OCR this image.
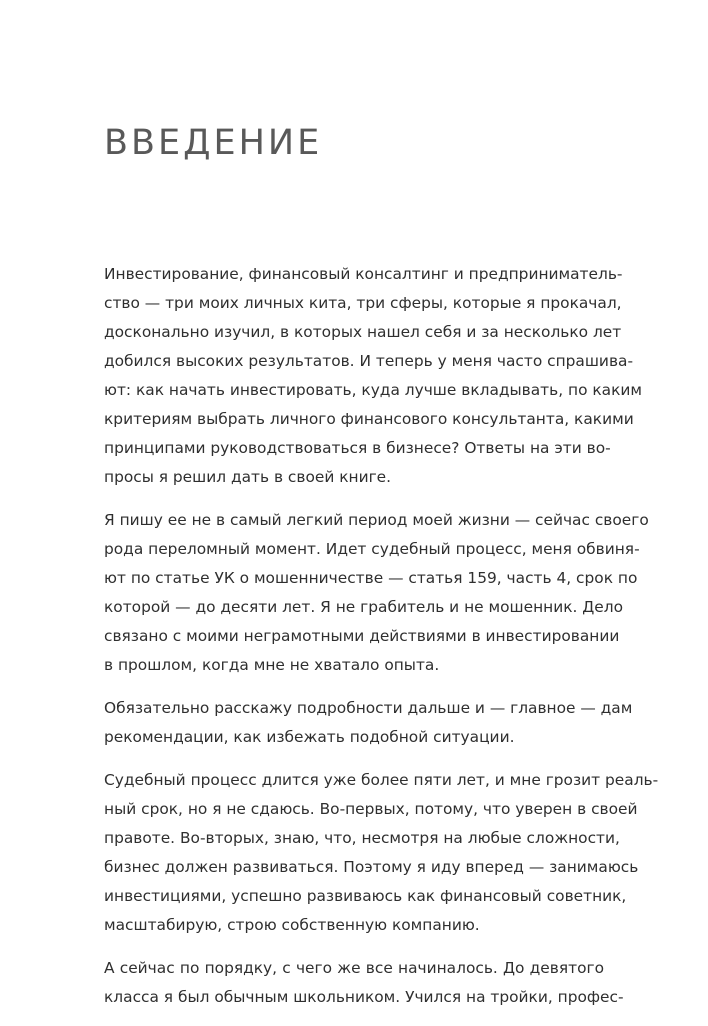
ВВЕДЕНИЕ

Инвестирование, финансовый консалтинг и предприниматель-
ство — три моих личных кита, три сферы, которые я прокачал,
досконально изучил, в которых нашел себя и за несколько лет
добился высоких результатов. И теперь у меня часто спрашива-
ют: как начать инвестировать, куда лучше вкладывать, по каким
критериям выбрать личного финансового консультанта, какими
принципами руководствоваться в бизнесе? Ответы на эти во-
просы я решил дать в своей книге.

Я пишу ее не в самый легкий период моей жизни — сейчас своего
рода переломный момент. Идет судебный процесс, меня обвиня-
ют по статье УК о мошенничестве — статья 159, часть 4, срок по
которой — до десяти лет. Я не грабитель и не мошенник. Дело
связано с моими неграмотными действиями в инвестировании
в прошлом, когда мне не хватало опыта.

Обязательно расскажу подробности дальше и — главное — дам
рекомендации, как избежать подобной ситуации.

Судебный процесс длится уже более пяти лет, и мне грозит реаль-
ный срок, но я не сдаюсь. Во-первых, потому, что уверен в своей
правоте. Во-вторых, знаю, что, несмотря на любые сложности,
бизнес должен развиваться. Поэтому я иду вперед — занимаюсь
инвестициями, успешно развиваюсь как финансовый советник,
масштабирую, строю собственную компанию.

А сейчас по порядку, с чего же все начиналось. До девятого
класса я был обычным школьником. Учился на тройки, профес-
